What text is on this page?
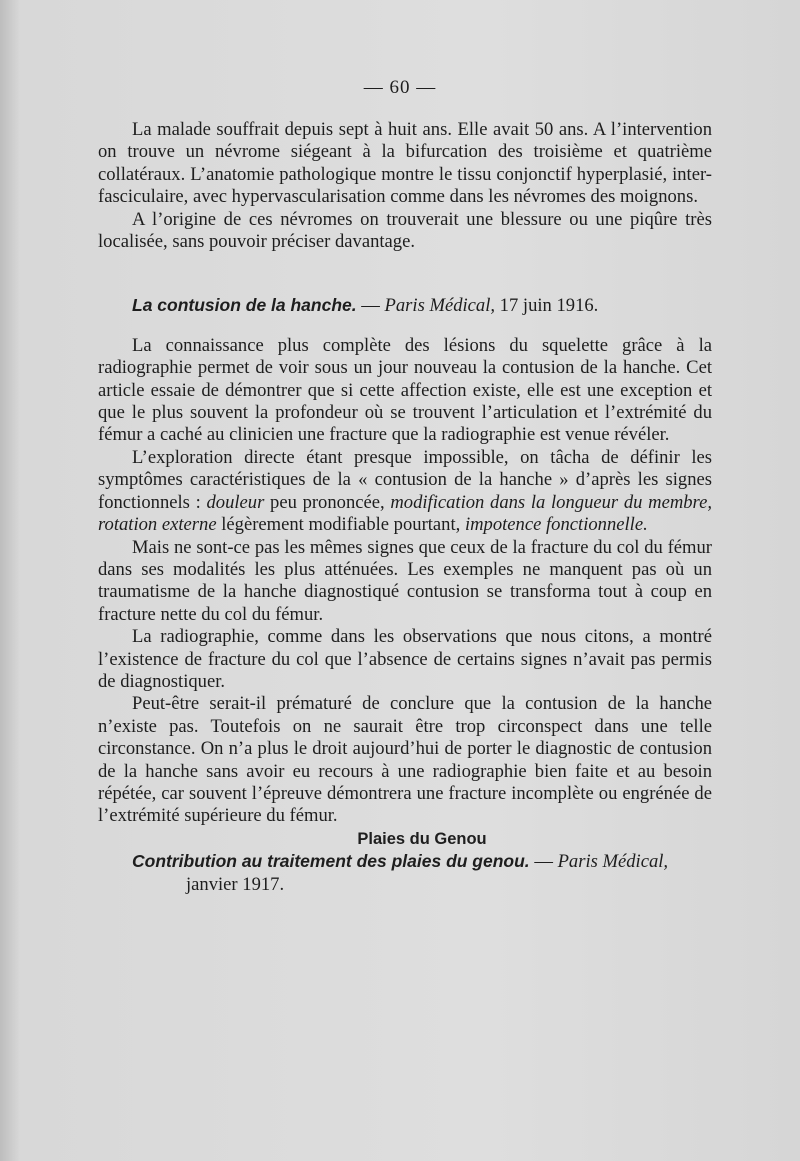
— 60 —

La malade souffrait depuis sept à huit ans. Elle avait 50 ans. A l’intervention on trouve un névrome siégeant à la bifurcation des troisième et quatrième collatéraux. L’anatomie pathologique montre le tissu conjonctif hyperplasié, inter-fasciculaire, avec hypervascularisation comme dans les névromes des moignons.

A l’origine de ces névromes on trouverait une blessure ou une piqûre très localisée, sans pouvoir préciser davantage.

La contusion de la hanche. — Paris Médical, 17 juin 1916.

La connaissance plus complète des lésions du squelette grâce à la radiographie permet de voir sous un jour nouveau la contusion de la hanche. Cet article essaie de démontrer que si cette affection existe, elle est une exception et que le plus souvent la profondeur où se trouvent l’articulation et l’extrémité du fémur a caché au clinicien une fracture que la radiographie est venue révéler.

L’exploration directe étant presque impossible, on tâcha de définir les symptômes caractéristiques de la « contusion de la hanche » d’après les signes fonctionnels : douleur peu prononcée, modification dans la longueur du membre, rotation externe légèrement modifiable pourtant, impotence fonctionnelle.

Mais ne sont-ce pas les mêmes signes que ceux de la fracture du col du fémur dans ses modalités les plus atténuées. Les exemples ne manquent pas où un traumatisme de la hanche diagnostiqué contusion se transforma tout à coup en fracture nette du col du fémur.

La radiographie, comme dans les observations que nous citons, a montré l’existence de fracture du col que l’absence de certains signes n’avait pas permis de diagnostiquer.

Peut-être serait-il prématuré de conclure que la contusion de la hanche n’existe pas. Toutefois on ne saurait être trop circonspect dans une telle circonstance. On n’a plus le droit aujourd’hui de porter le diagnostic de contusion de la hanche sans avoir eu recours à une radiographie bien faite et au besoin répétée, car souvent l’épreuve démontrera une fracture incomplète ou engrénée de l’extrémité supérieure du fémur.

Plaies du Genou

Contribution au traitement des plaies du genou. — Paris Médical,
janvier 1917.
